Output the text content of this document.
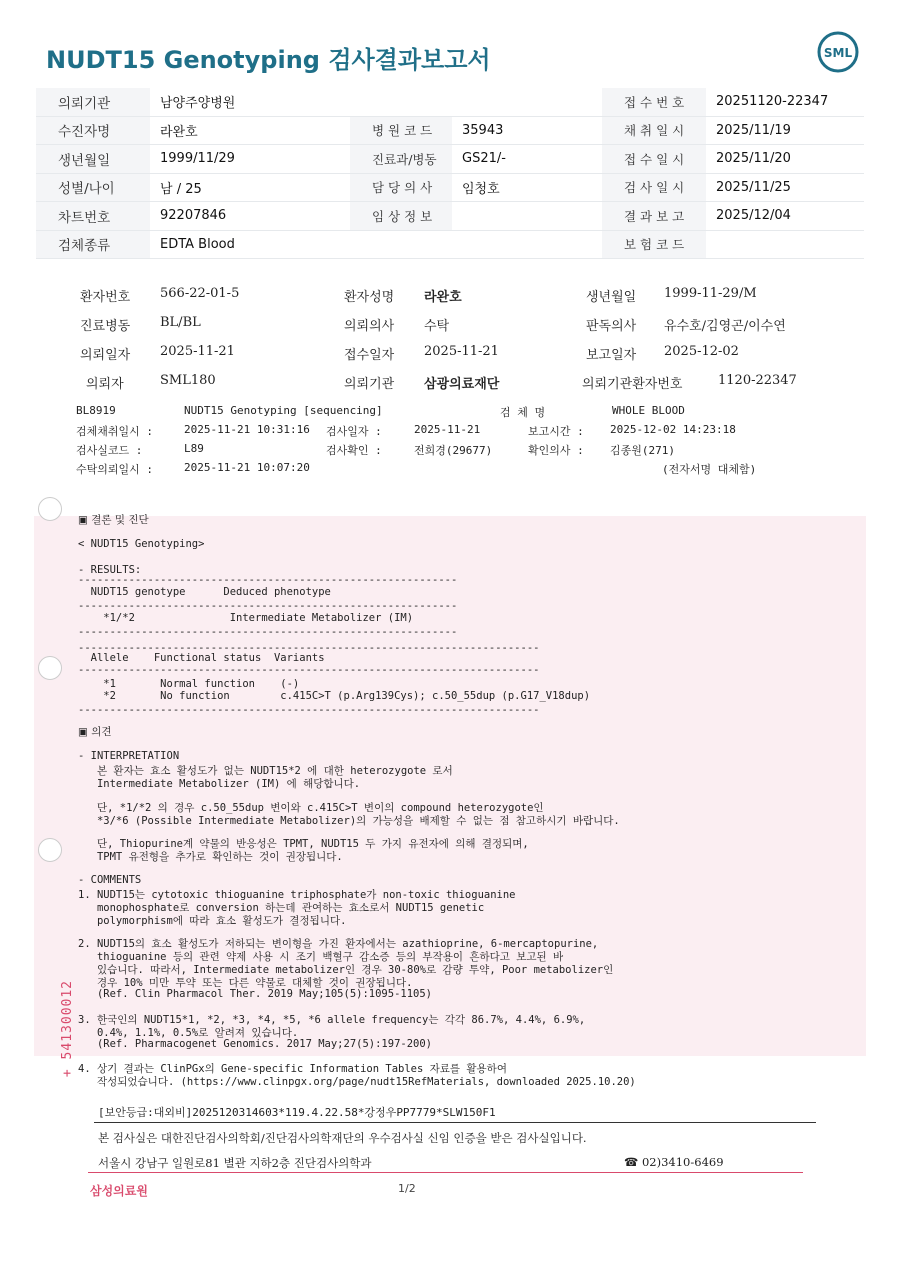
NUDT15 Genotyping 검사결과보고서	SML
의뢰기관	남양주양병원			접 수 번 호	20251120-22347
수진자명	라완호	병 원 코 드	35943	채 취 일 시	2025/11/19
생년월일	1999/11/29	진료과/병동	GS21/-	접 수 일 시	2025/11/20
성별/나이	남 / 25	담 당 의 사	임청호	검 사 일 시	2025/11/25
차트번호	92207846	임 상 정 보		결 과 보 고	2025/12/04
검체종류	EDTA Blood			보 험 코 드	
환자번호 566-22-01-5	환자성명 라완호	생년월일 1999-11-29/M
진료병동 BL/BL	의뢰의사 수탁	판독의사 유수호/김영곤/이수연
의뢰일자 2025-11-21	접수일자 2025-11-21	보고일자 2025-12-02
의뢰자	SML180	의뢰기관 삼광의료재단	의뢰기관환자번호	1120-22347
BL8919	NUDT15 Genotyping [sequencing]	검 체 명	WHOLE BLOOD
검체채취일시 :	2025-11-21 10:31:16 검사일자 :	2025-11-21	보고시간 : 2025-12-02 14:23:18
검사실코드 :	L89	검사확인 :	전희경(29677)	확인의사 : 김종원(271)
수탁의뢰일시 :	2025-11-21 10:07:20	(전자서명 대체함)
▣ 결론 및 진단
< NUDT15 Genotyping>
- RESULTS:
------------------------------------------------------------
NUDT15 genotype      Deduced phenotype
------------------------------------------------------------
*1/*2               Intermediate Metabolizer (IM)
------------------------------------------------------------
-------------------------------------------------------------------------
Allele    Functional status  Variants
-------------------------------------------------------------------------
*1       Normal function    (-)
*2       No function        c.415C>T (p.Arg139Cys); c.50_55dup (p.G17_V18dup)
-------------------------------------------------------------------------
▣ 의견
- INTERPRETATION
본 환자는 효소 활성도가 없는 NUDT15*2 에 대한 heterozygote 로서
Intermediate Metabolizer (IM) 에 해당합니다.
단, *1/*2 의 경우 c.50_55dup 변이와 c.415C>T 변이의 compound heterozygote인
*3/*6 (Possible Intermediate Metabolizer)의 가능성을 배제할 수 없는 점 참고하시기 바랍니다.
단, Thiopurine계 약물의 반응성은 TPMT, NUDT15 두 가지 유전자에 의해 결정되며,
TPMT 유전형을 추가로 확인하는 것이 권장됩니다.
- COMMENTS
1. NUDT15는 cytotoxic thioguanine triphosphate가 non-toxic thioguanine
monophosphate로 conversion 하는데 관여하는 효소로서 NUDT15 genetic
polymorphism에 따라 효소 활성도가 결정됩니다.
2. NUDT15의 효소 활성도가 저하되는 변이형을 가진 환자에서는 azathioprine, 6-mercaptopurine,
thioguanine 등의 관련 약제 사용 시 조기 백혈구 감소증 등의 부작용이 흔하다고 보고된 바
있습니다. 따라서, Intermediate metabolizer인 경우 30-80%로 감량 투약, Poor metabolizer인
경우 10% 미만 투약 또는 다른 약물로 대체할 것이 권장됩니다.
(Ref. Clin Pharmacol Ther. 2019 May;105(5):1095-1105)
3. 한국인의 NUDT15*1, *2, *3, *4, *5, *6 allele frequency는 각각 86.7%, 4.4%, 6.9%,
0.4%, 1.1%, 0.5%로 알려져 있습니다.
(Ref. Pharmacogenet Genomics. 2017 May;27(5):197-200)
4. 상기 결과는 ClinPGx의 Gene-specific Information Tables 자료를 활용하여
작성되었습니다. (https://www.clinpgx.org/page/nudt15RefMaterials, downloaded 2025.10.20)
[보안등급:대외비]2025120314603*119.4.22.58*강정우PP7779*SLW150F1
본 검사실은 대한진단검사의학회/진단검사의학재단의 우수검사실 신임 인증을 받은 검사실입니다.
서울시 강남구 일원로81 별관 지하2층 진단검사의학과	☎ 02)3410-6469
+ 541300012
삼성의료원	1/2
